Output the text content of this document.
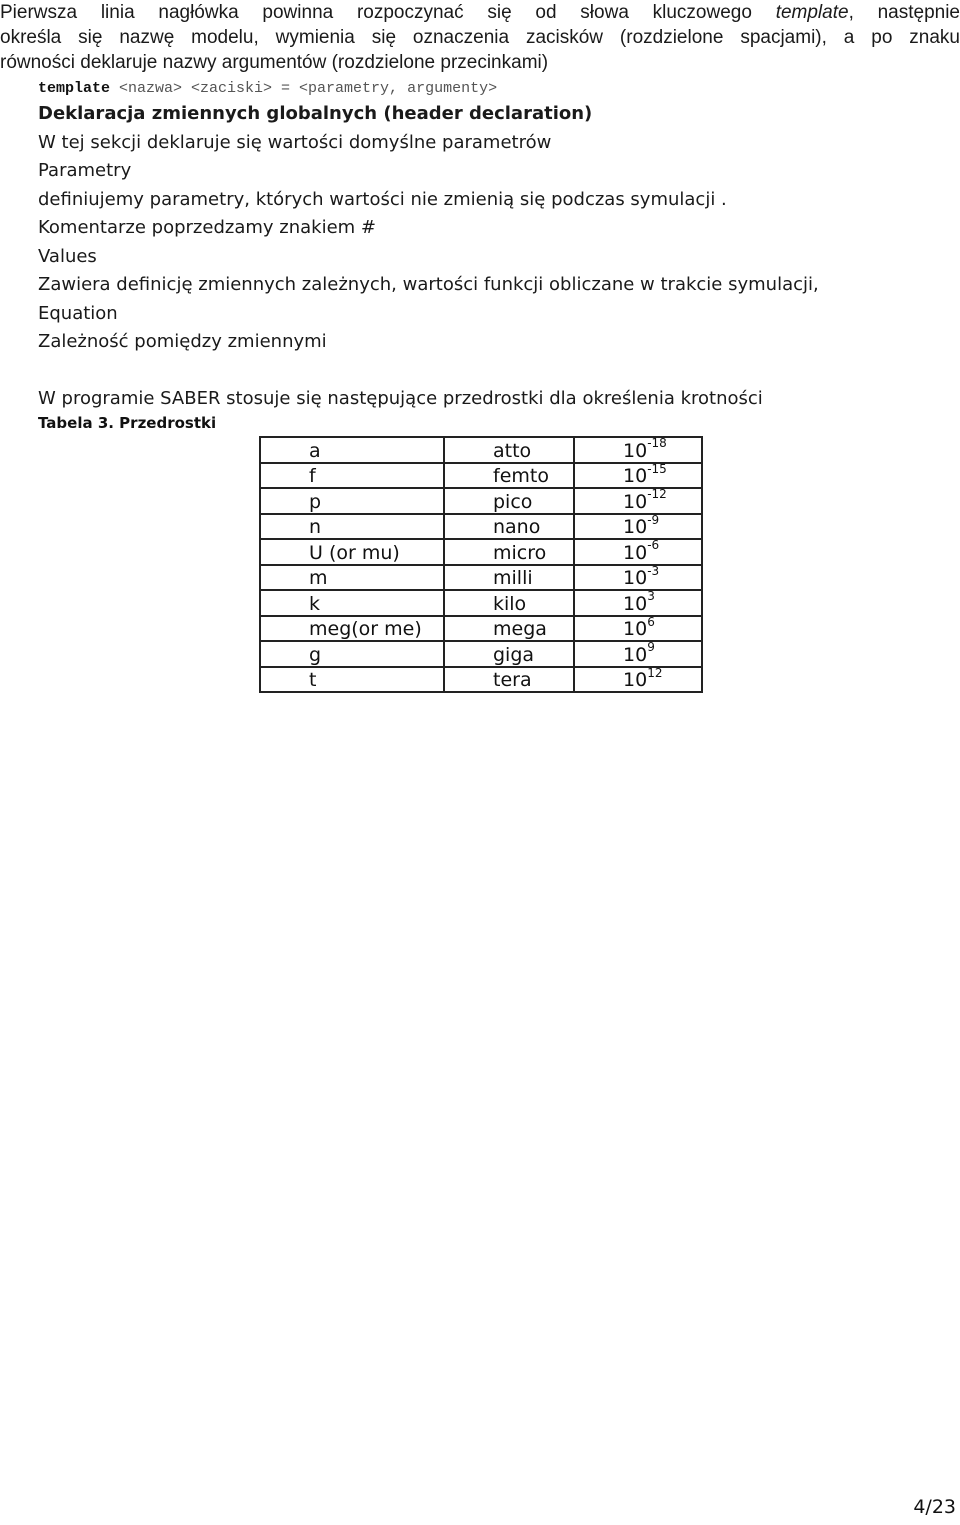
Pierwsza linia nagłówka powinna rozpoczynać się od słowa kluczowego template, następnie
określa się nazwę modelu, wymienia się oznaczenia zacisków (rozdzielone spacjami), a po znaku
równości deklaruje nazwy argumentów (rozdzielone przecinkami)
template <nazwa> <zaciski> = <parametry, argumenty>
Deklaracja zmiennych globalnych (header declaration)
W tej sekcji deklaruje się wartości domyślne parametrów
Parametry
definiujemy parametry, których wartości nie zmienią się podczas symulacji .
Komentarze poprzedzamy znakiem #
Values
Zawiera definicję zmiennych zależnych, wartości funkcji obliczane w trakcie symulacji,
Equation
Zależność pomiędzy zmiennymi
W programie SABER stosuje się następujące przedrostki dla określenia krotności
Tabela 3. Przedrostki
a	atto	$10^{-18}$
f	femto	$10^{-15}$
p	pico	$10^{-12}$
n	nano	$10^{-9}$
U (or mu)	micro	$10^{-6}$
m	milli	$10^{-3}$
k	kilo	$10^3$
meg(or me)	mega	$10^6$
g	giga	$10^9$
t	tera	$10^{12}$
4/23
